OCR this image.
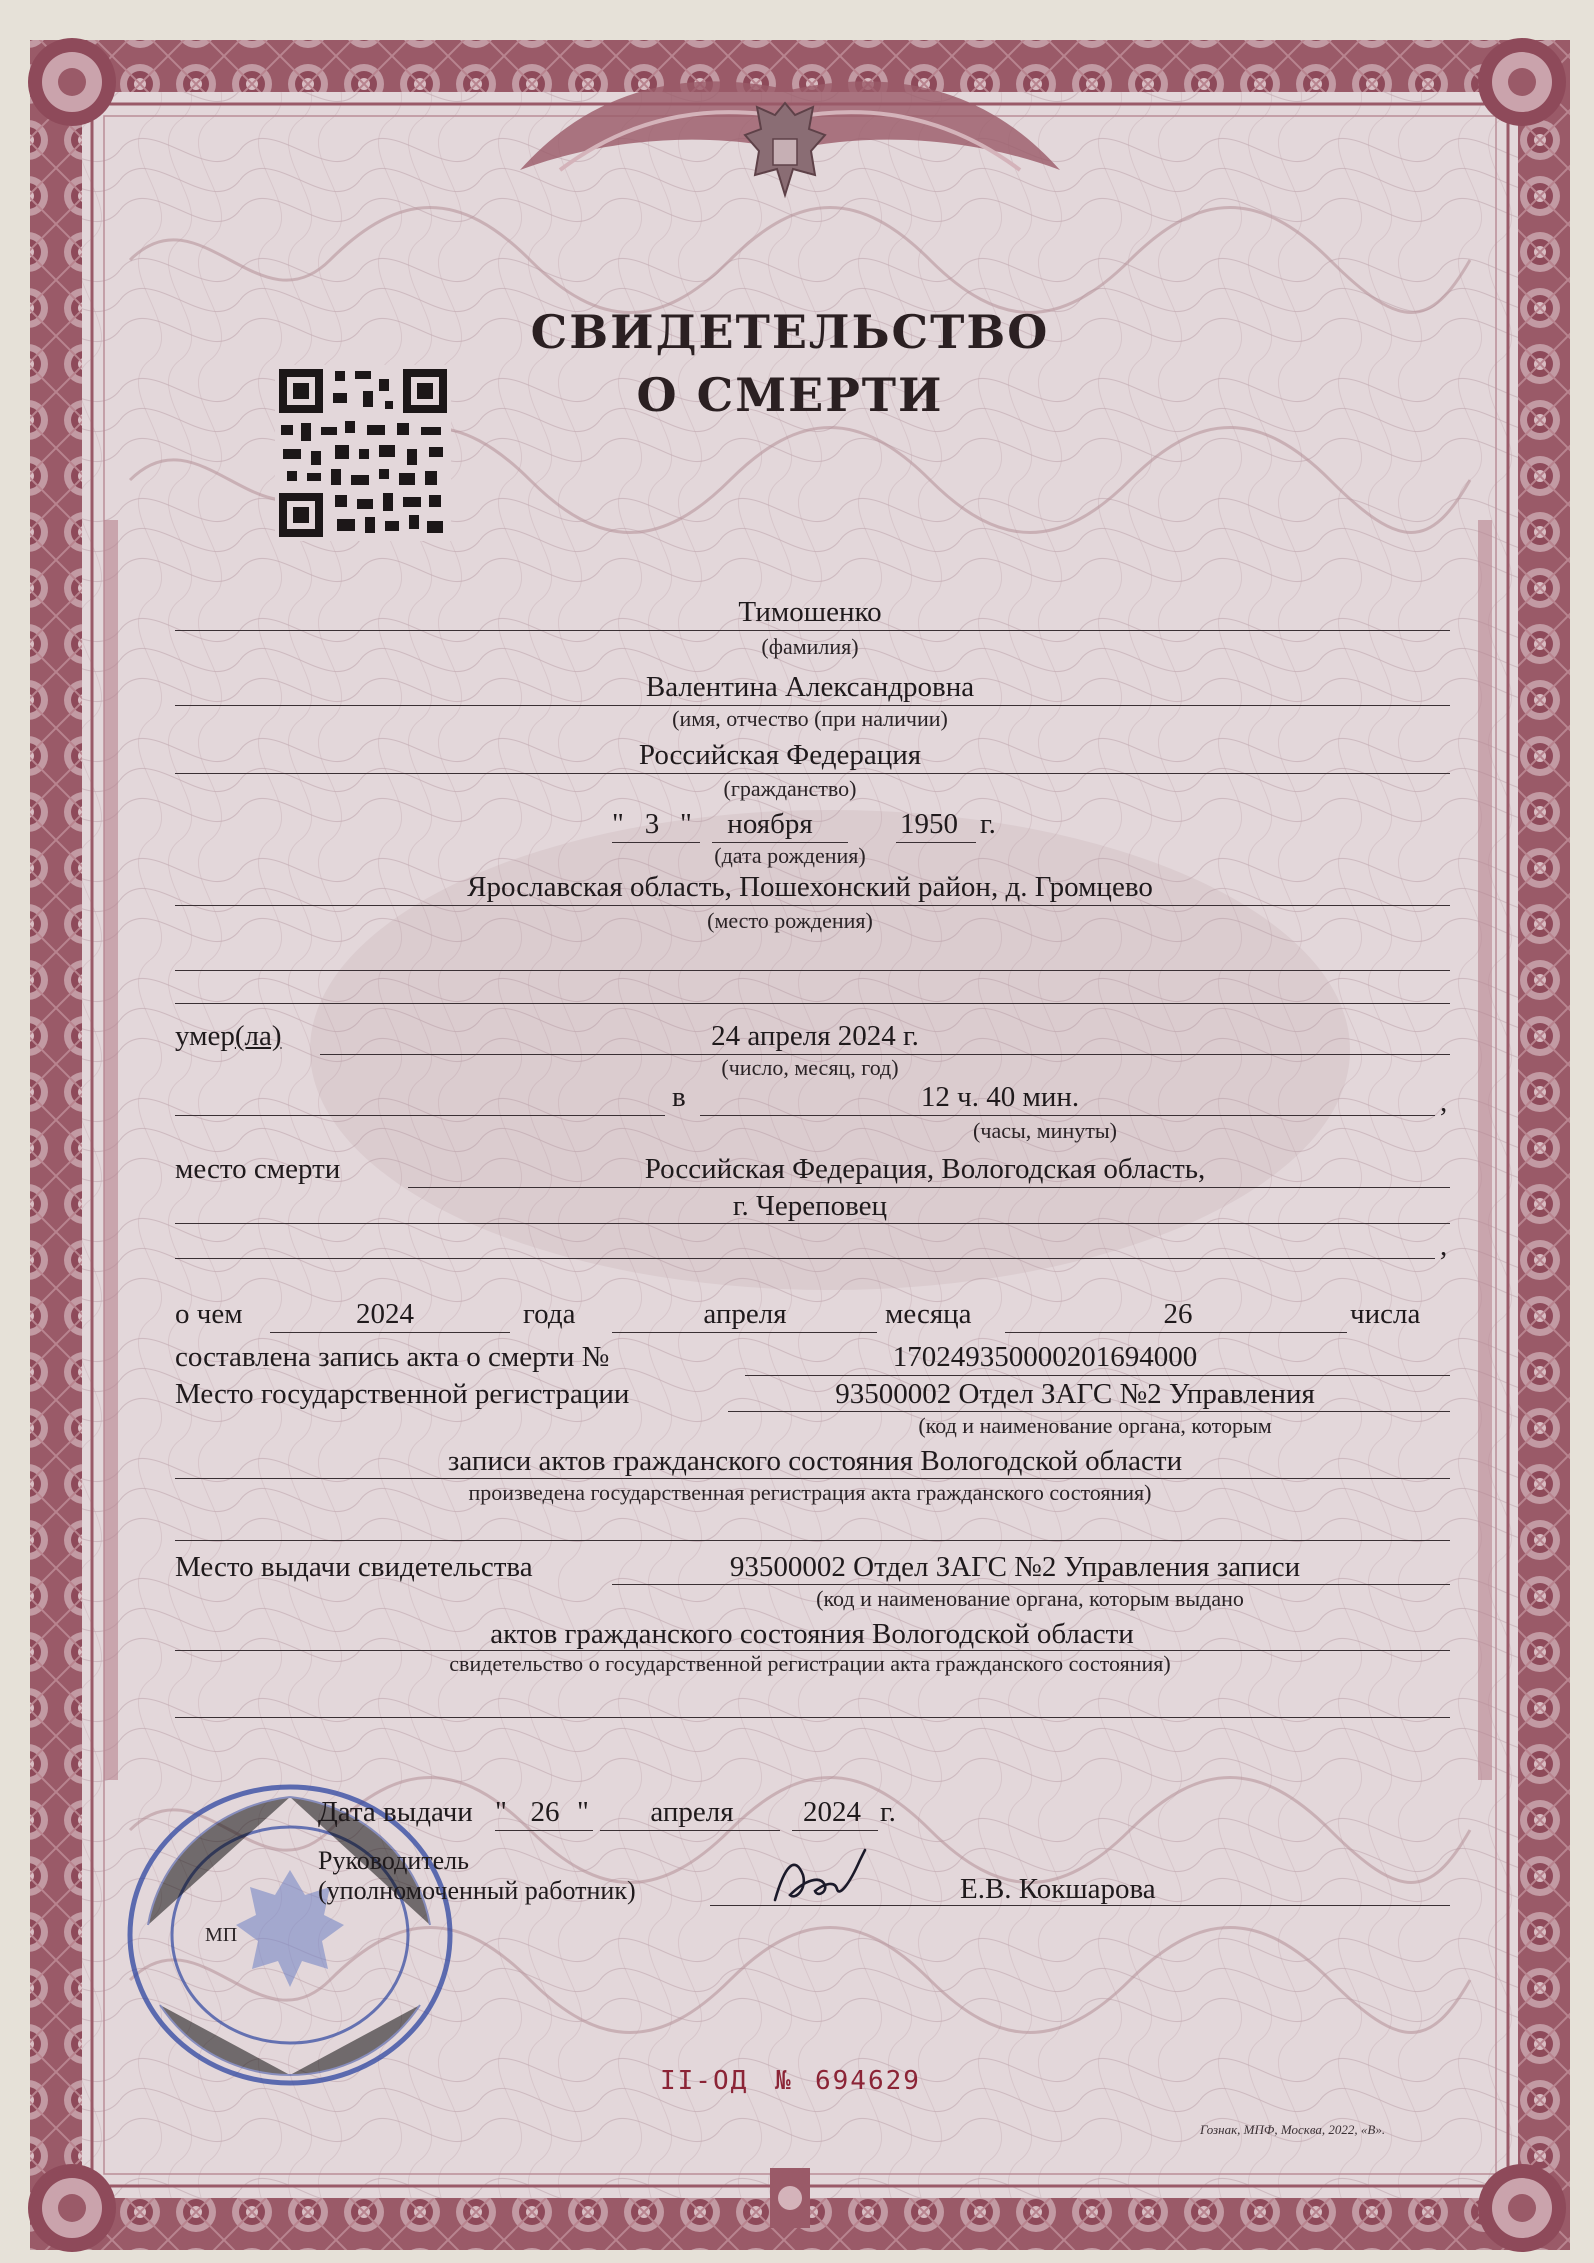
СВИДЕТЕЛЬСТВО
О СМЕРТИ
Тимошенко
(фамилия)
Валентина Александровна
(имя, отчество (при наличии)
Российская Федерация
(гражданство)
" 3 " ноября	1950 г.
(дата рождения)
Ярославская область, Пошехонский район, д. Громцево
(место рождения)
умер(ла)	24 апреля 2024 г.
(число, месяц, год)
в	12 ч. 40 мин.	,
(часы, минуты)
место смерти	Российская Федерация, Вологодская область,
г. Череповец
,
о чем	2024	года	апреля	месяца	26	числа
составлена запись акта о смерти №	170249350000201694000
Место государственной регистрации	93500002 Отдел ЗАГС №2 Управления
(код и наименование органа, которым
записи актов гражданского состояния Вологодской области
произведена государственная регистрация акта гражданского состояния)
Место выдачи свидетельства	93500002 Отдел ЗАГС №2 Управления записи
(код и наименование органа, которым выдано
актов гражданского состояния Вологодской области
свидетельство о государственной регистрации акта гражданского состояния)
МП
Дата выдачи " 26 " апреля 2024 г.
Руководитель
(уполномоченный работник)	Е.В. Кокшарова
II-ОД № 694629
Гознак, МПФ, Москва, 2022, «В».
